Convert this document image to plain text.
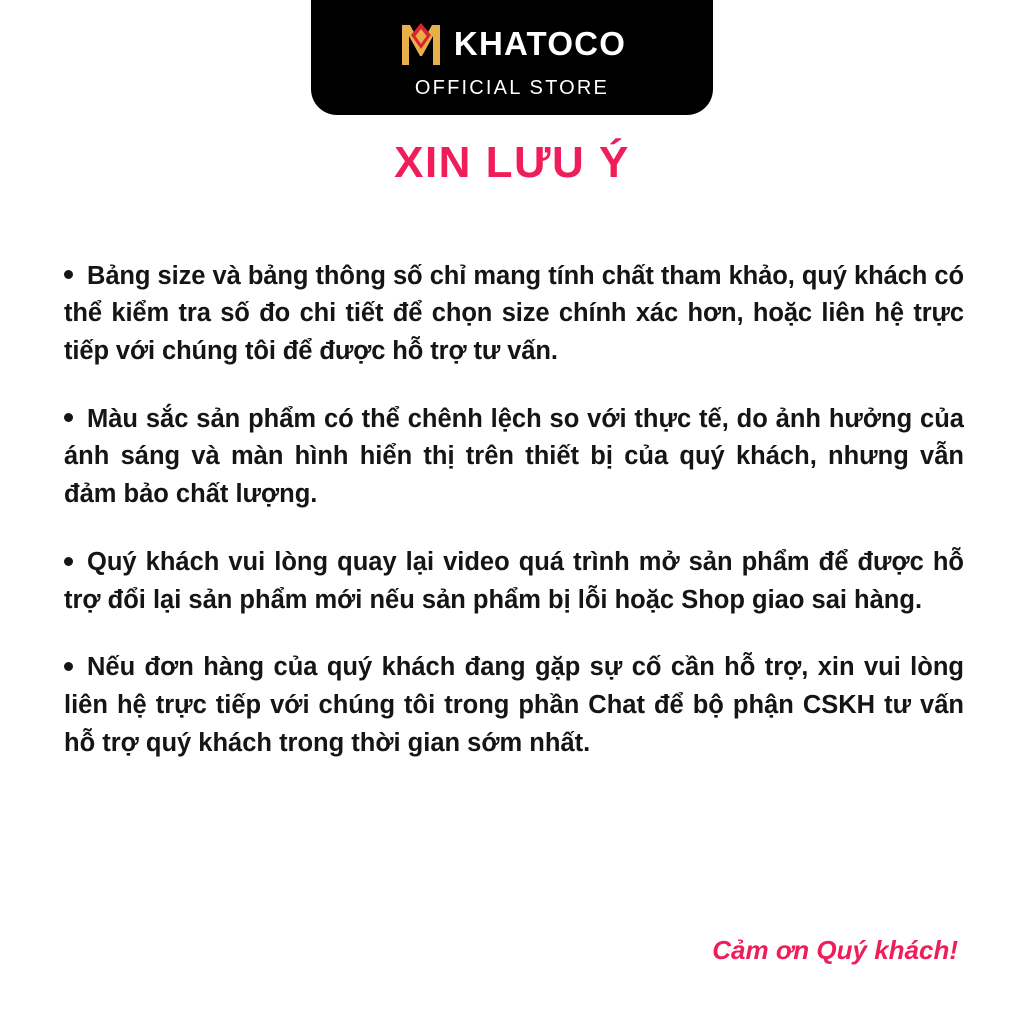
KHATOCO
OFFICIAL STORE
XIN LƯU Ý

Bảng size và bảng thông số chỉ mang tính chất tham khảo, quý khách có thể kiểm tra số đo chi tiết để chọn size chính xác hơn, hoặc liên hệ trực tiếp với chúng tôi để được hỗ trợ tư vấn.

Màu sắc sản phẩm có thể chênh lệch so với thực tế, do ảnh hưởng của ánh sáng và màn hình hiển thị trên thiết bị của quý khách, nhưng vẫn đảm bảo chất lượng.

Quý khách vui lòng quay lại video quá trình mở sản phẩm để được hỗ trợ đổi lại sản phẩm mới nếu sản phẩm bị lỗi hoặc Shop giao sai hàng.

Nếu đơn hàng của quý khách đang gặp sự cố cần hỗ trợ, xin vui lòng liên hệ trực tiếp với chúng tôi trong phần Chat để bộ phận CSKH tư vấn hỗ trợ quý khách trong thời gian sớm nhất.

Cảm ơn Quý khách!
